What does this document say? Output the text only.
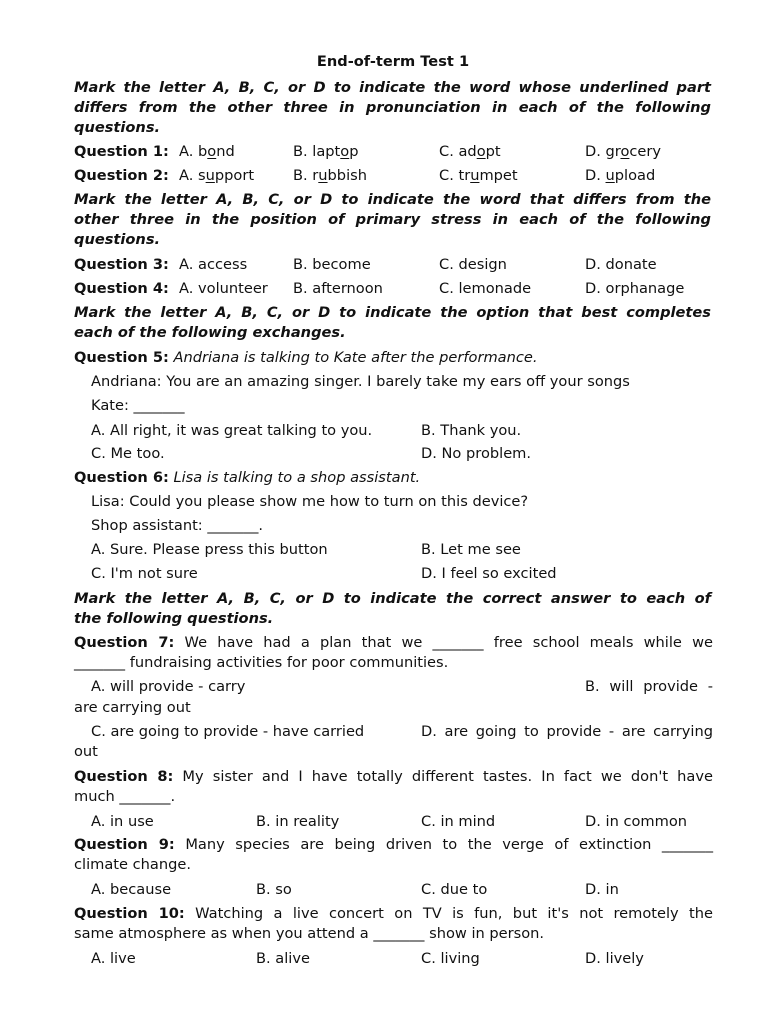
End-of-term Test 1
Mark the letter A, B, C, or D to indicate the word whose underlined part
differs from the other three in pronunciation in each of the following
questions.
Question 1: A. bond	B. laptop	C. adopt	D. grocery
Question 2: A. support	B. rubbish	C. trumpet	D. upload
Mark the letter A, B, C, or D to indicate the word that differs from the
other three in the position of primary stress in each of the following
questions.
Question 3: A. access	B. become	C. design	D. donate
Question 4: A. volunteer B. afternoon	C. lemonade	D. orphanage
Mark the letter A, B, C, or D to indicate the option that best completes
each of the following exchanges.
Question 5: Andriana is talking to Kate after the performance.
Andriana: You are an amazing singer. I barely take my ears off your songs
Kate: _______
A. All right, it was great talking to you.	B. Thank you.
C. Me too.	D. No problem.
Question 6: Lisa is talking to a shop assistant.
Lisa: Could you please show me how to turn on this device?
Shop assistant: _______.
A. Sure. Please press this button	B. Let me see
C. I'm not sure	D. I feel so excited
Mark the letter A, B, C, or D to indicate the correct answer to each of
the following questions.
Question 7: We have had a plan that we _______ free school meals while we
_______ fundraising activities for poor communities.
A. will provide - carry	B. will provide -
are carrying out
C. are going to provide - have carried	D. are going to provide - are carrying
out
Question 8: My sister and I have totally different tastes. In fact we don't have
much _______.
A. in use	B. in reality	C. in mind	D. in common
Question 9: Many species are being driven to the verge of extinction _______
climate change.
A. because	B. so	C. due to	D. in
Question 10: Watching a live concert on TV is fun, but it's not remotely the
same atmosphere as when you attend a _______ show in person.
A. live	B. alive	C. living	D. lively
